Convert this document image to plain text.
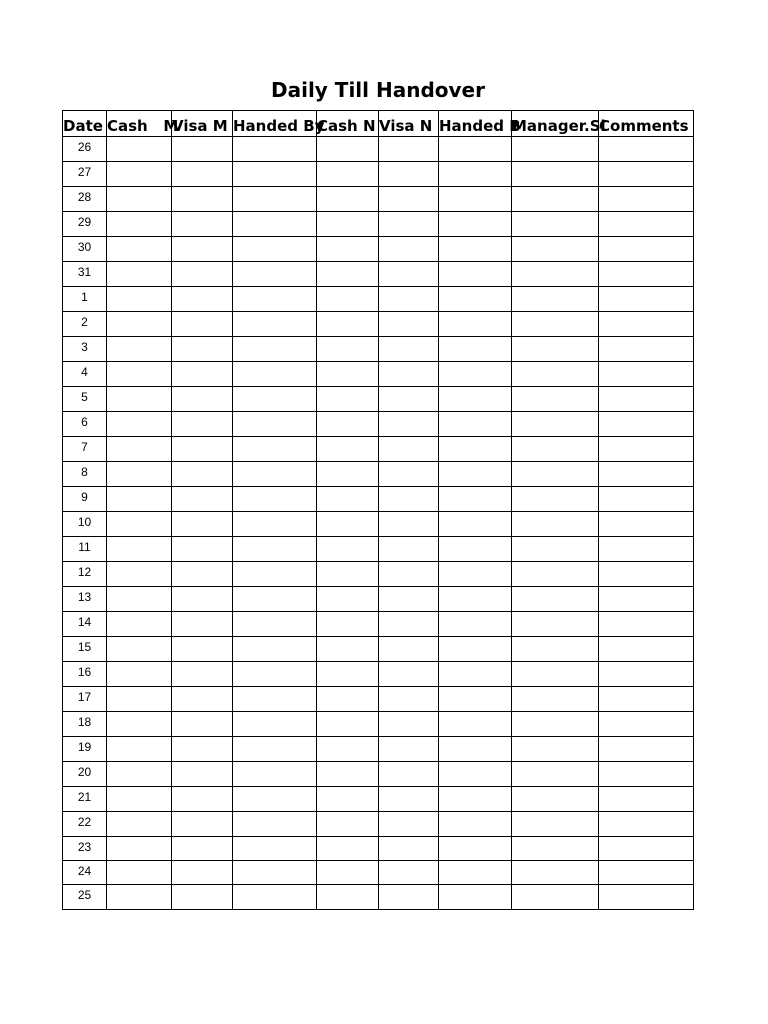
Daily Till Handover
Date	Cash   M	Visa M	Handed By	Cash N	Visa N	Handed B	Manager.Si	Comments
26								
27								
28								
29								
30								
31								
1								
2								
3								
4								
5								
6								
7								
8								
9								
10								
11								
12								
13								
14								
15								
16								
17								
18								
19								
20								
21								
22								
23								
24								
25								
